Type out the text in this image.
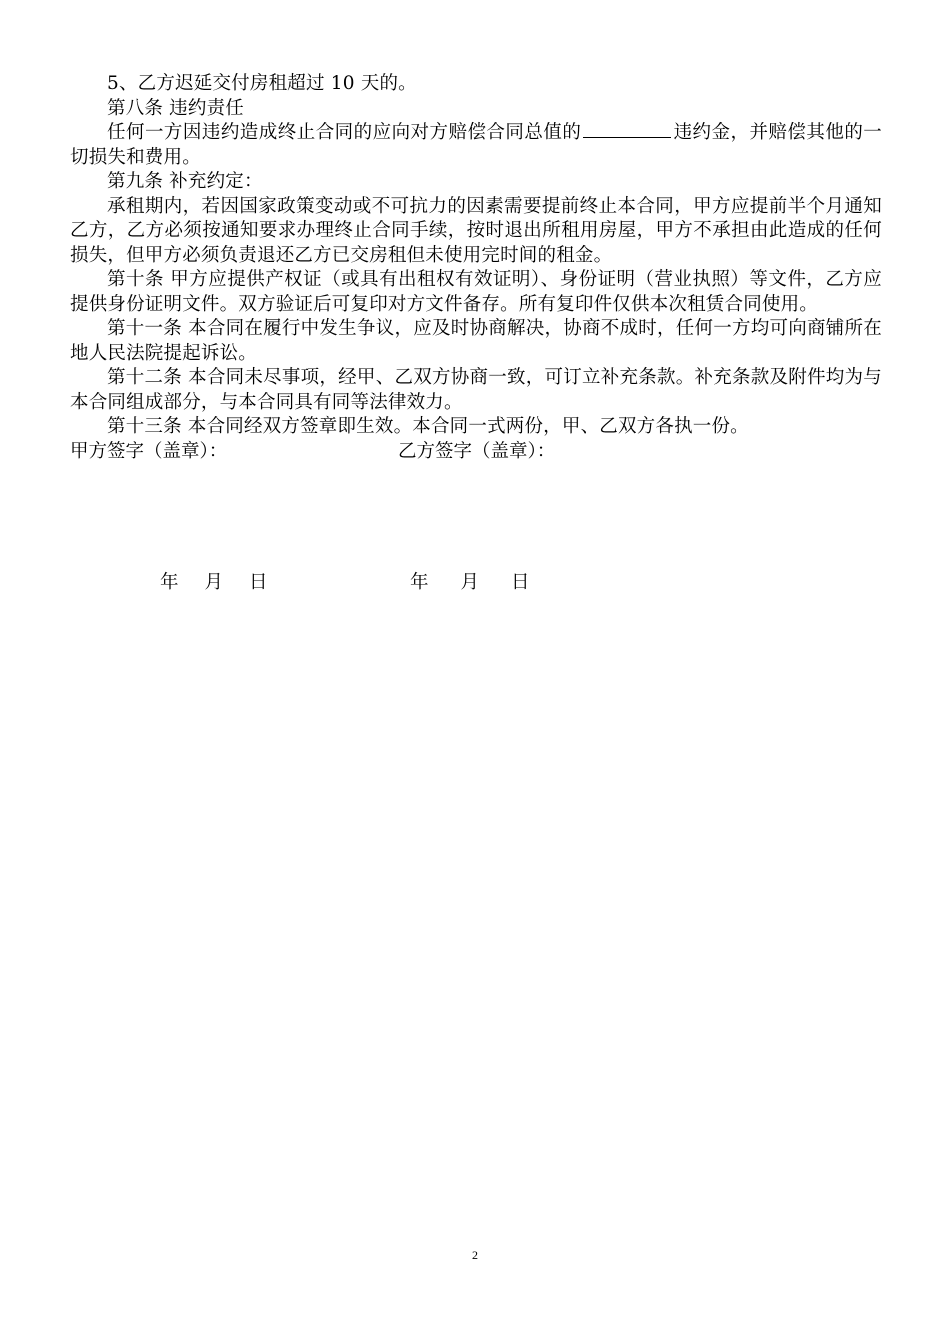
5、乙方迟延交付房租超过 10 天的。

第八条 违约责任

任何一方因违约造成终止合同的应向对方赔偿合同总值的	违约金，并赔偿其他的一切损失和费用。

第九条 补充约定：

承租期内，若因国家政策变动或不可抗力的因素需要提前终止本合同，甲方应提前半个月通知乙方，乙方必须按通知要求办理终止合同手续，按时退出所租用房屋，甲方不承担由此造成的任何损失，但甲方必须负责退还乙方已交房租但未使用完时间的租金。

第十条 甲方应提供产权证（或具有出租权有效证明）、身份证明（营业执照）等文件，乙方应提供身份证明文件。双方验证后可复印对方文件备存。所有复印件仅供本次租赁合同使用。

第十一条 本合同在履行中发生争议，应及时协商解决，协商不成时，任何一方均可向商铺所在地人民法院提起诉讼。

第十二条 本合同未尽事项，经甲、乙双方协商一致，可订立补充条款。补充条款及附件均为与本合同组成部分，与本合同具有同等法律效力。

第十三条 本合同经双方签章即生效。本合同一式两份，甲、乙双方各执一份。

甲方签字（盖章）：	乙方签字（盖章）：
年 月 日	年 月 日
2
